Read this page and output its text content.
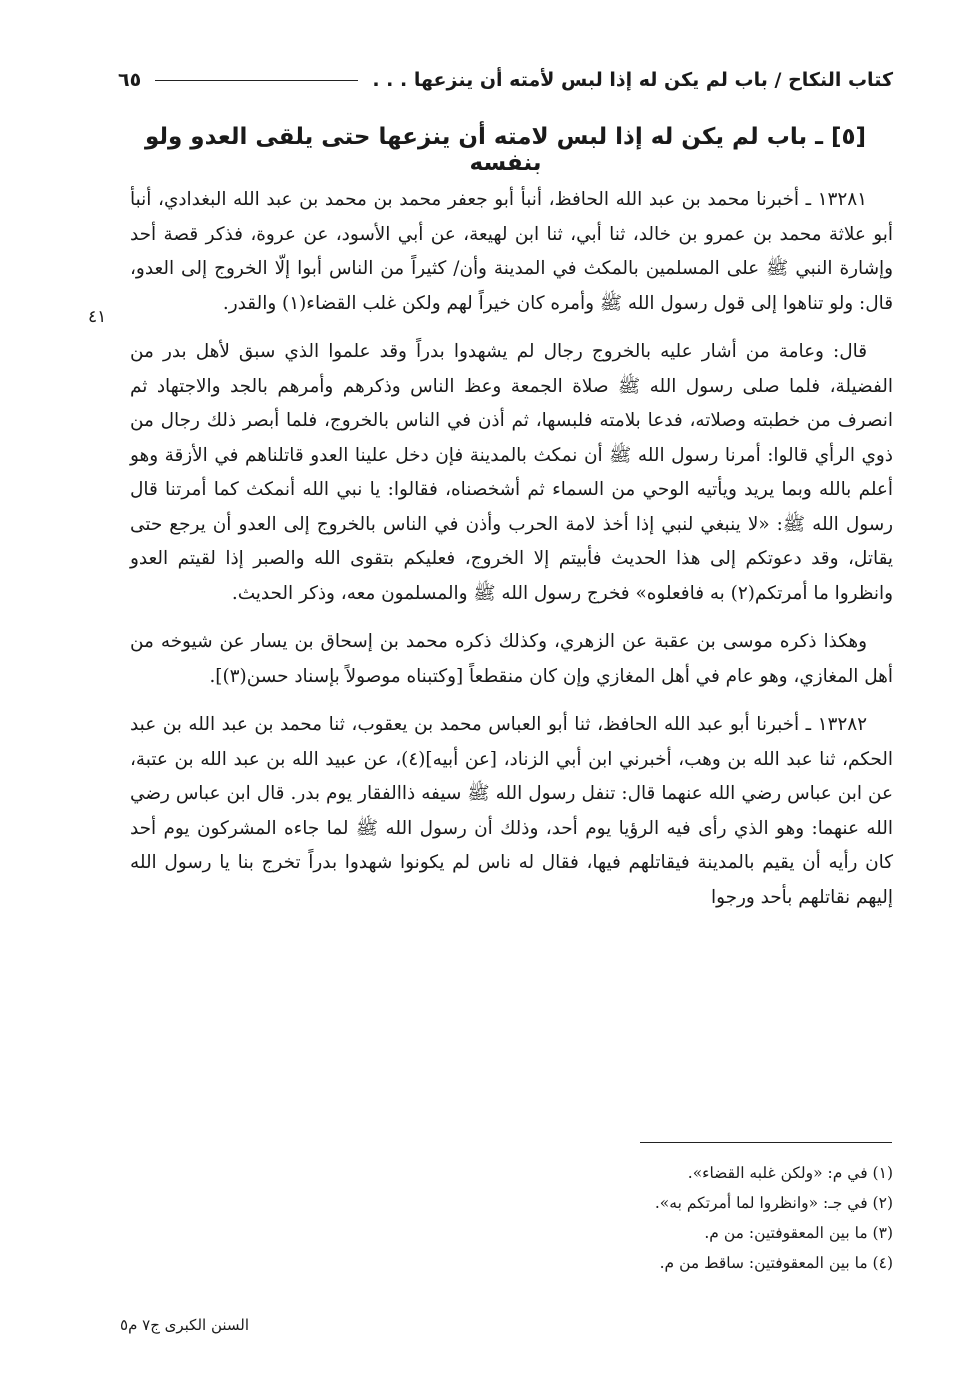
كتاب النكاح / باب لم يكن له إذا لبس لأمته أن ينزعها . . .
٦٥
[٥] ـ باب لم يكن له إذا لبس لامته أن ينزعها حتى يلقى العدو ولو بنفسه
٤١

١٣٢٨١ ـ أخبرنا محمد بن عبد الله الحافظ، أنبأ أبو جعفر محمد بن محمد بن عبد الله البغدادي، أنبأ أبو علاثة محمد بن عمرو بن خالد، ثنا أبي، ثنا ابن لهيعة، عن أبي الأسود، عن عروة، فذكر قصة أحد وإشارة النبي ﷺ على المسلمين بالمكث في المدينة وأن/ كثيراً من الناس أبوا إلّا الخروج إلى العدو، قال: ولو تناهوا إلى قول رسول الله ﷺ وأمره كان خيراً لهم ولكن غلب القضاء(١) والقدر.

قال: وعامة من أشار عليه بالخروج رجال لم يشهدوا بدراً وقد علموا الذي سبق لأهل بدر من الفضيلة، فلما صلى رسول الله ﷺ صلاة الجمعة وعظ الناس وذكرهم وأمرهم بالجد والاجتهاد ثم انصرف من خطبته وصلاته، فدعا بلامته فلبسها، ثم أذن في الناس بالخروج، فلما أبصر ذلك رجال من ذوي الرأي قالوا: أمرنا رسول الله ﷺ أن نمكث بالمدينة فإن دخل علينا العدو قاتلناهم في الأزقة وهو أعلم بالله وبما يريد ويأتيه الوحي من السماء ثم أشخصناه، فقالوا: يا نبي الله أنمكث كما أمرتنا قال رسول الله ﷺ: «لا ينبغي لنبي إذا أخذ لامة الحرب وأذن في الناس بالخروج إلى العدو أن يرجع حتى يقاتل، وقد دعوتكم إلى هذا الحديث فأبيتم إلا الخروج، فعليكم بتقوى الله والصبر إذا لقيتم العدو وانظروا ما أمرتكم(٢) به فافعلوه» فخرج رسول الله ﷺ والمسلمون معه، وذكر الحديث.

وهكذا ذكره موسى بن عقبة عن الزهري، وكذلك ذكره محمد بن إسحاق بن يسار عن شيوخه من أهل المغازي، وهو عام في أهل المغازي وإن كان منقطعاً [وكتبناه موصولاً بإسناد حسن(٣)].

١٣٢٨٢ ـ أخبرنا أبو عبد الله الحافظ، ثنا أبو العباس محمد بن يعقوب، ثنا محمد بن عبد الله بن عبد الحكم، ثنا عبد الله بن وهب، أخبرني ابن أبي الزناد، [عن أبيه](٤)، عن عبيد الله بن عبد الله بن عتبة، عن ابن عباس رضي الله عنهما قال: تنفل رسول الله ﷺ سيفه ذاالفقار يوم بدر. قال ابن عباس رضي الله عنهما: وهو الذي رأى فيه الرؤيا يوم أحد، وذلك أن رسول الله ﷺ لما جاءه المشركون يوم أحد كان رأيه أن يقيم بالمدينة فيقاتلهم فيها، فقال له ناس لم يكونوا شهدوا بدراً تخرج بنا يا رسول الله إليهم نقاتلهم بأحد ورجوا

(١) في م: «ولكن غلبه القضاء».
(٢) في جـ: «وانظروا لما أمرتكم به».
(٣) ما بين المعقوفتين: من م.
(٤) ما بين المعقوفتين: ساقط من م.
السنن الكبرى ج٧ م٥
